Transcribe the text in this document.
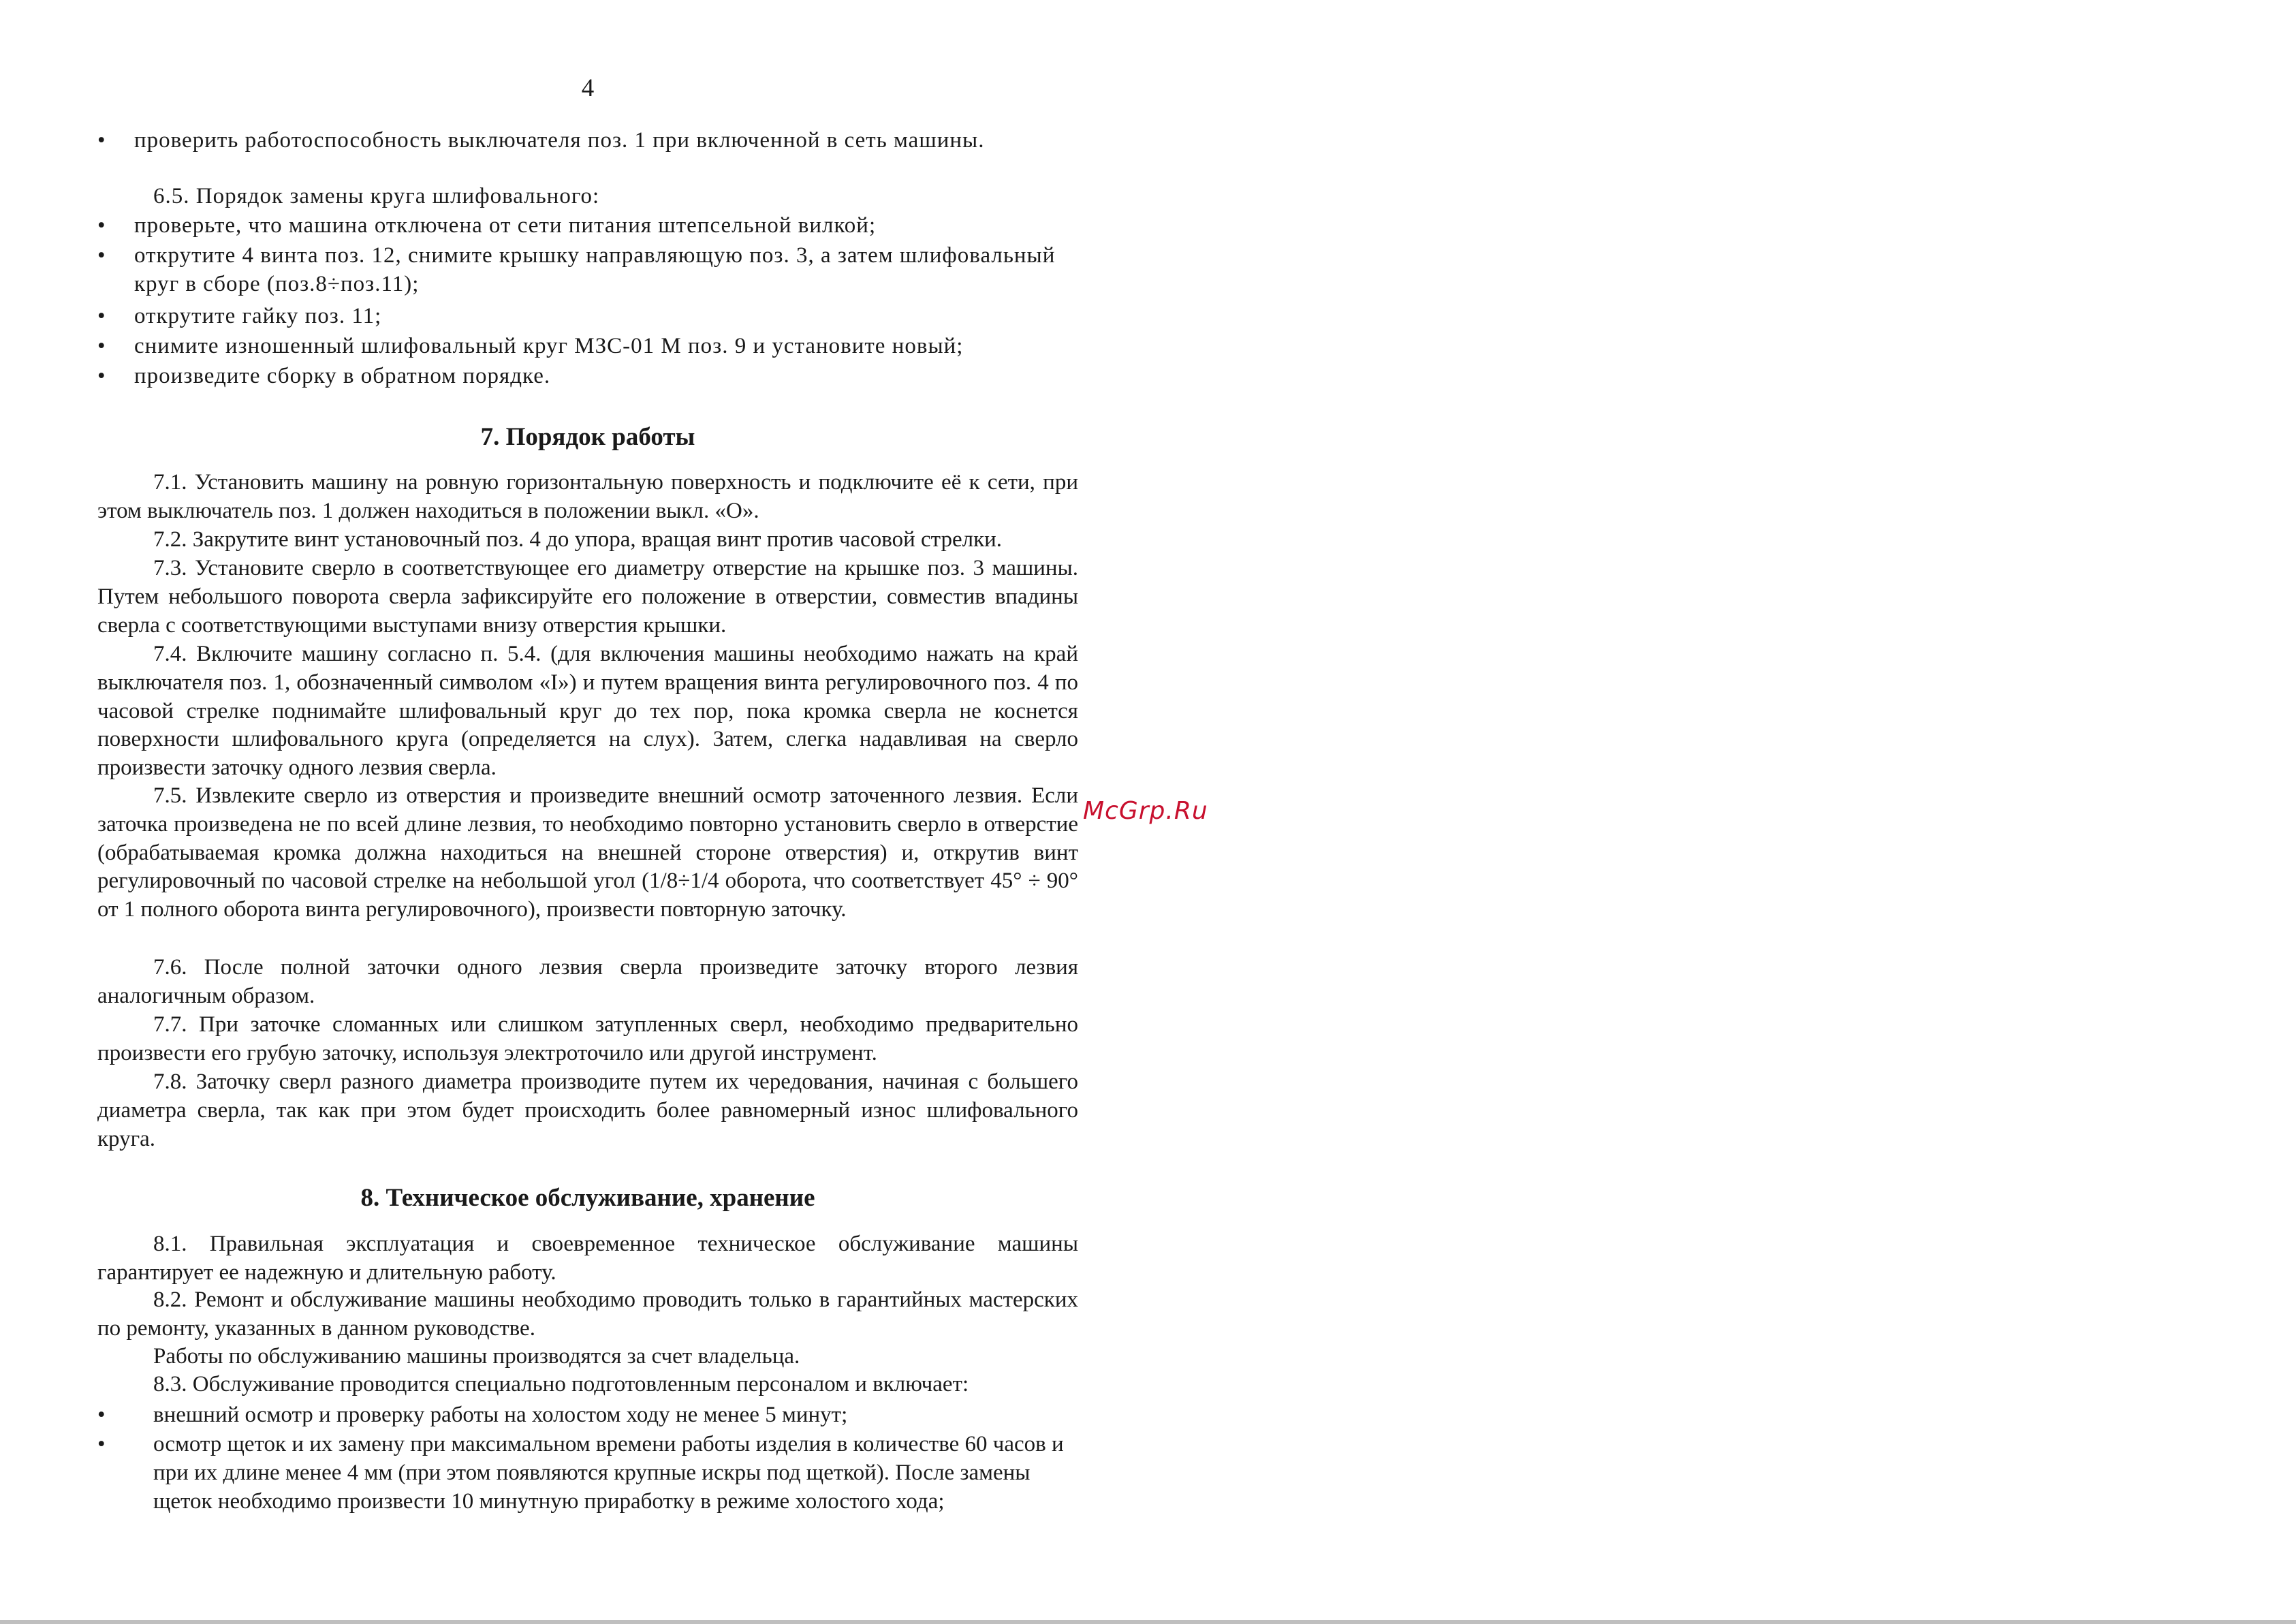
4
• проверить работоспособность выключателя поз. 1 при включенной в сеть машины.
6.5. Порядок замены круга шлифовального:
• проверьте, что машина отключена от сети питания штепсельной вилкой;
• открутите 4 винта поз. 12, снимите крышку направляющую поз. 3, а затем шлифовальный круг в сборе (поз.8÷поз.11);
• открутите гайку поз. 11;
• снимите изношенный шлифовальный круг МЗС-01 М поз. 9 и установите новый;
• произведите сборку в обратном порядке.
7. Порядок работы
7.1. Установить машину на ровную горизонтальную поверхность и подключите её к сети, при этом выключатель поз. 1 должен находиться в положении выкл. «О».
7.2. Закрутите винт установочный поз. 4 до упора, вращая винт против часовой стрелки.
7.3. Установите сверло в соответствующее его диаметру отверстие на крышке поз. 3 машины. Путем небольшого поворота сверла зафиксируйте его положение в отверстии, совместив впадины сверла с соответствующими выступами внизу отверстия крышки.
7.4. Включите машину согласно п. 5.4. (для включения машины необходимо нажать на край выключателя поз. 1, обозначенный символом «I») и путем вращения винта регулировочного поз. 4 по часовой стрелке поднимайте шлифовальный круг до тех пор, пока кромка сверла не коснется поверхности шлифовального круга (определяется на слух). Затем, слегка надавливая на сверло произвести заточку одного лезвия сверла.
7.5. Извлеките сверло из отверстия и произведите внешний осмотр заточенного лезвия. Если заточка произведена не по всей длине лезвия, то необходимо повторно установить сверло в отверстие (обрабатываемая кромка должна находиться на внешней стороне отверстия) и, открутив винт регулировочный по часовой стрелке на небольшой угол (1/8÷1/4 оборота, что соответствует 45° ÷ 90° от 1 полного оборота винта регулировочного), произвести повторную заточку.
7.6. После полной заточки одного лезвия сверла произведите заточку второго лезвия аналогичным образом.
7.7. При заточке сломанных или слишком затупленных сверл, необходимо предварительно произвести его грубую заточку, используя электроточило или другой инструмент.
7.8. Заточку сверл разного диаметра производите путем их чередования, начиная с большего диаметра сверла, так как при этом будет происходить более равномерный износ шлифовального круга.
8. Техническое обслуживание, хранение
8.1. Правильная эксплуатация и своевременное техническое обслуживание машины гарантирует ее надежную и длительную работу.
8.2. Ремонт и обслуживание машины необходимо проводить только в гарантийных мастерских по ремонту, указанных в данном руководстве.
Работы по обслуживанию машины производятся за счет владельца.
8.3. Обслуживание проводится специально подготовленным персоналом и включает:
• внешний осмотр и проверку работы на холостом ходу не менее 5 минут;
• осмотр щеток и их замену при максимальном времени работы изделия в количестве 60 часов и при их длине менее 4 мм (при этом появляются крупные искры под щеткой). После замены щеток необходимо произвести 10 минутную приработку в режиме холостого хода;
McGrp.Ru
